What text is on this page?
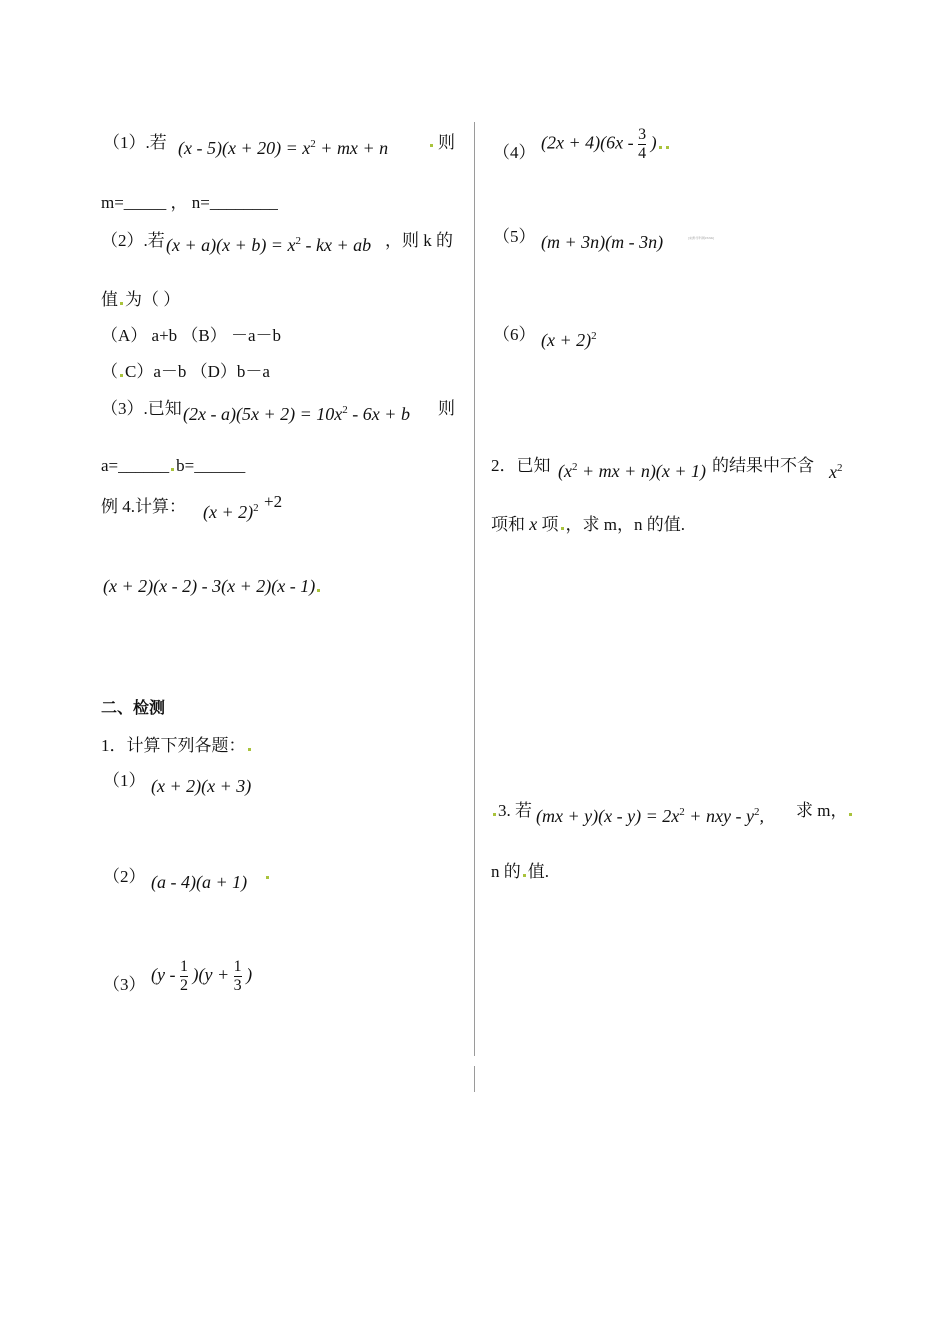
（1）.若 $(x - 5)(x + 20) = x^2$ + mx + n	则
m=_____ ， n=________
（2）.若 $(x + a)(x + b) = x^2$ - kx + ab ，则 k 的
值 为（ ）
（A） a+b （B） －a－b
（ C）a－b （D）b－a
（3）.已知 $(2x - a)(5x + 2) = 10x^2 - 6x + b$ 则
a=______ b=______
例 4.计算： $(x + 2)^2 +2$
(x + 2)(x - 2) - 3(x + 2)(x - 1)
二、检测
1．计算下列各题：
（1） (x + 2)(x + 3)
（2） (a - 4)(a + 1)
（3） $(y - \frac{1}{2} )(y + \frac{1}{3}$ )
（4） $(2x + 4)(6x - \frac{3}{4}$ )
（5） (m + 3n)(m - 3n)	[来源:学科网ZXXK]
（6） $(x + 2)^2$
2．已知 ($x^2$ + mx + n)(x + 1) 的结果中不含 $x^2$
项和 x 项 ，求 m，n 的值.
3. 若 $(mx + y)(x - y) = 2x^2$ + nxy - $y^2$, 求 m，
n 的 值.
